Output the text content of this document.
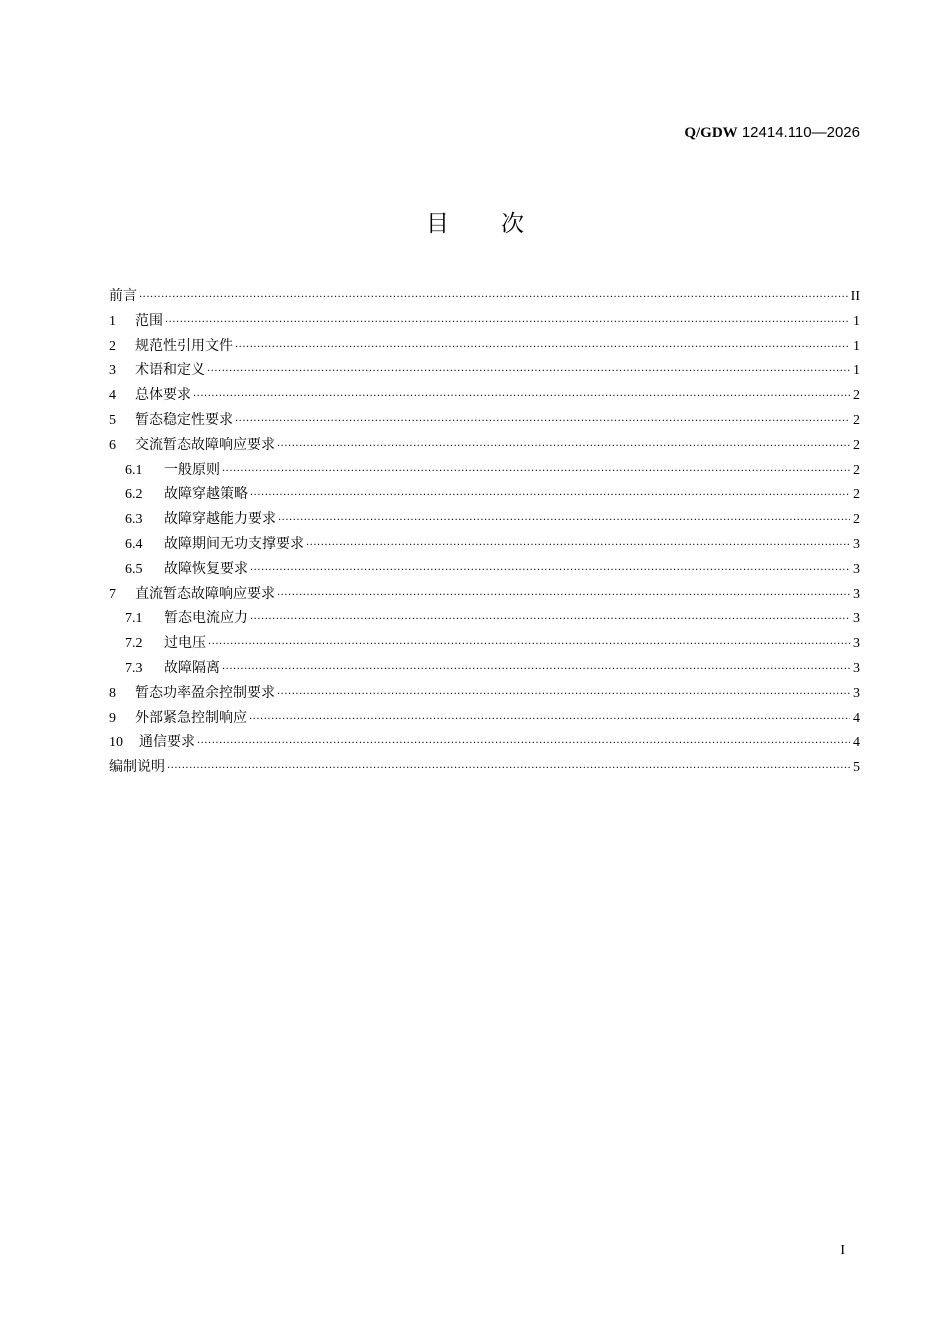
Q/GDW 12414.110—2026
目 次
前言 ·····	II
1	范围 ·····	1
2	规范性引用文件 ·····	1
3	术语和定义 ·····	1
4	总体要求 ·····	2
5	暂态稳定性要求 ·····	2
6	交流暂态故障响应要求 ·····	2
6.1	一般原则 ·····	2
6.2	故障穿越策略 ·····	2
6.3	故障穿越能力要求 ·····	2
6.4	故障期间无功支撑要求 ·····	3
6.5	故障恢复要求 ·····	3
7	直流暂态故障响应要求 ·····	3
7.1	暂态电流应力 ·····	3
7.2	过电压 ·····	3
7.3	故障隔离 ·····	3
8	暂态功率盈余控制要求 ·····	3
9	外部紧急控制响应 ·····	4
10	通信要求 ·····	4
编制说明 ·····	5
I
